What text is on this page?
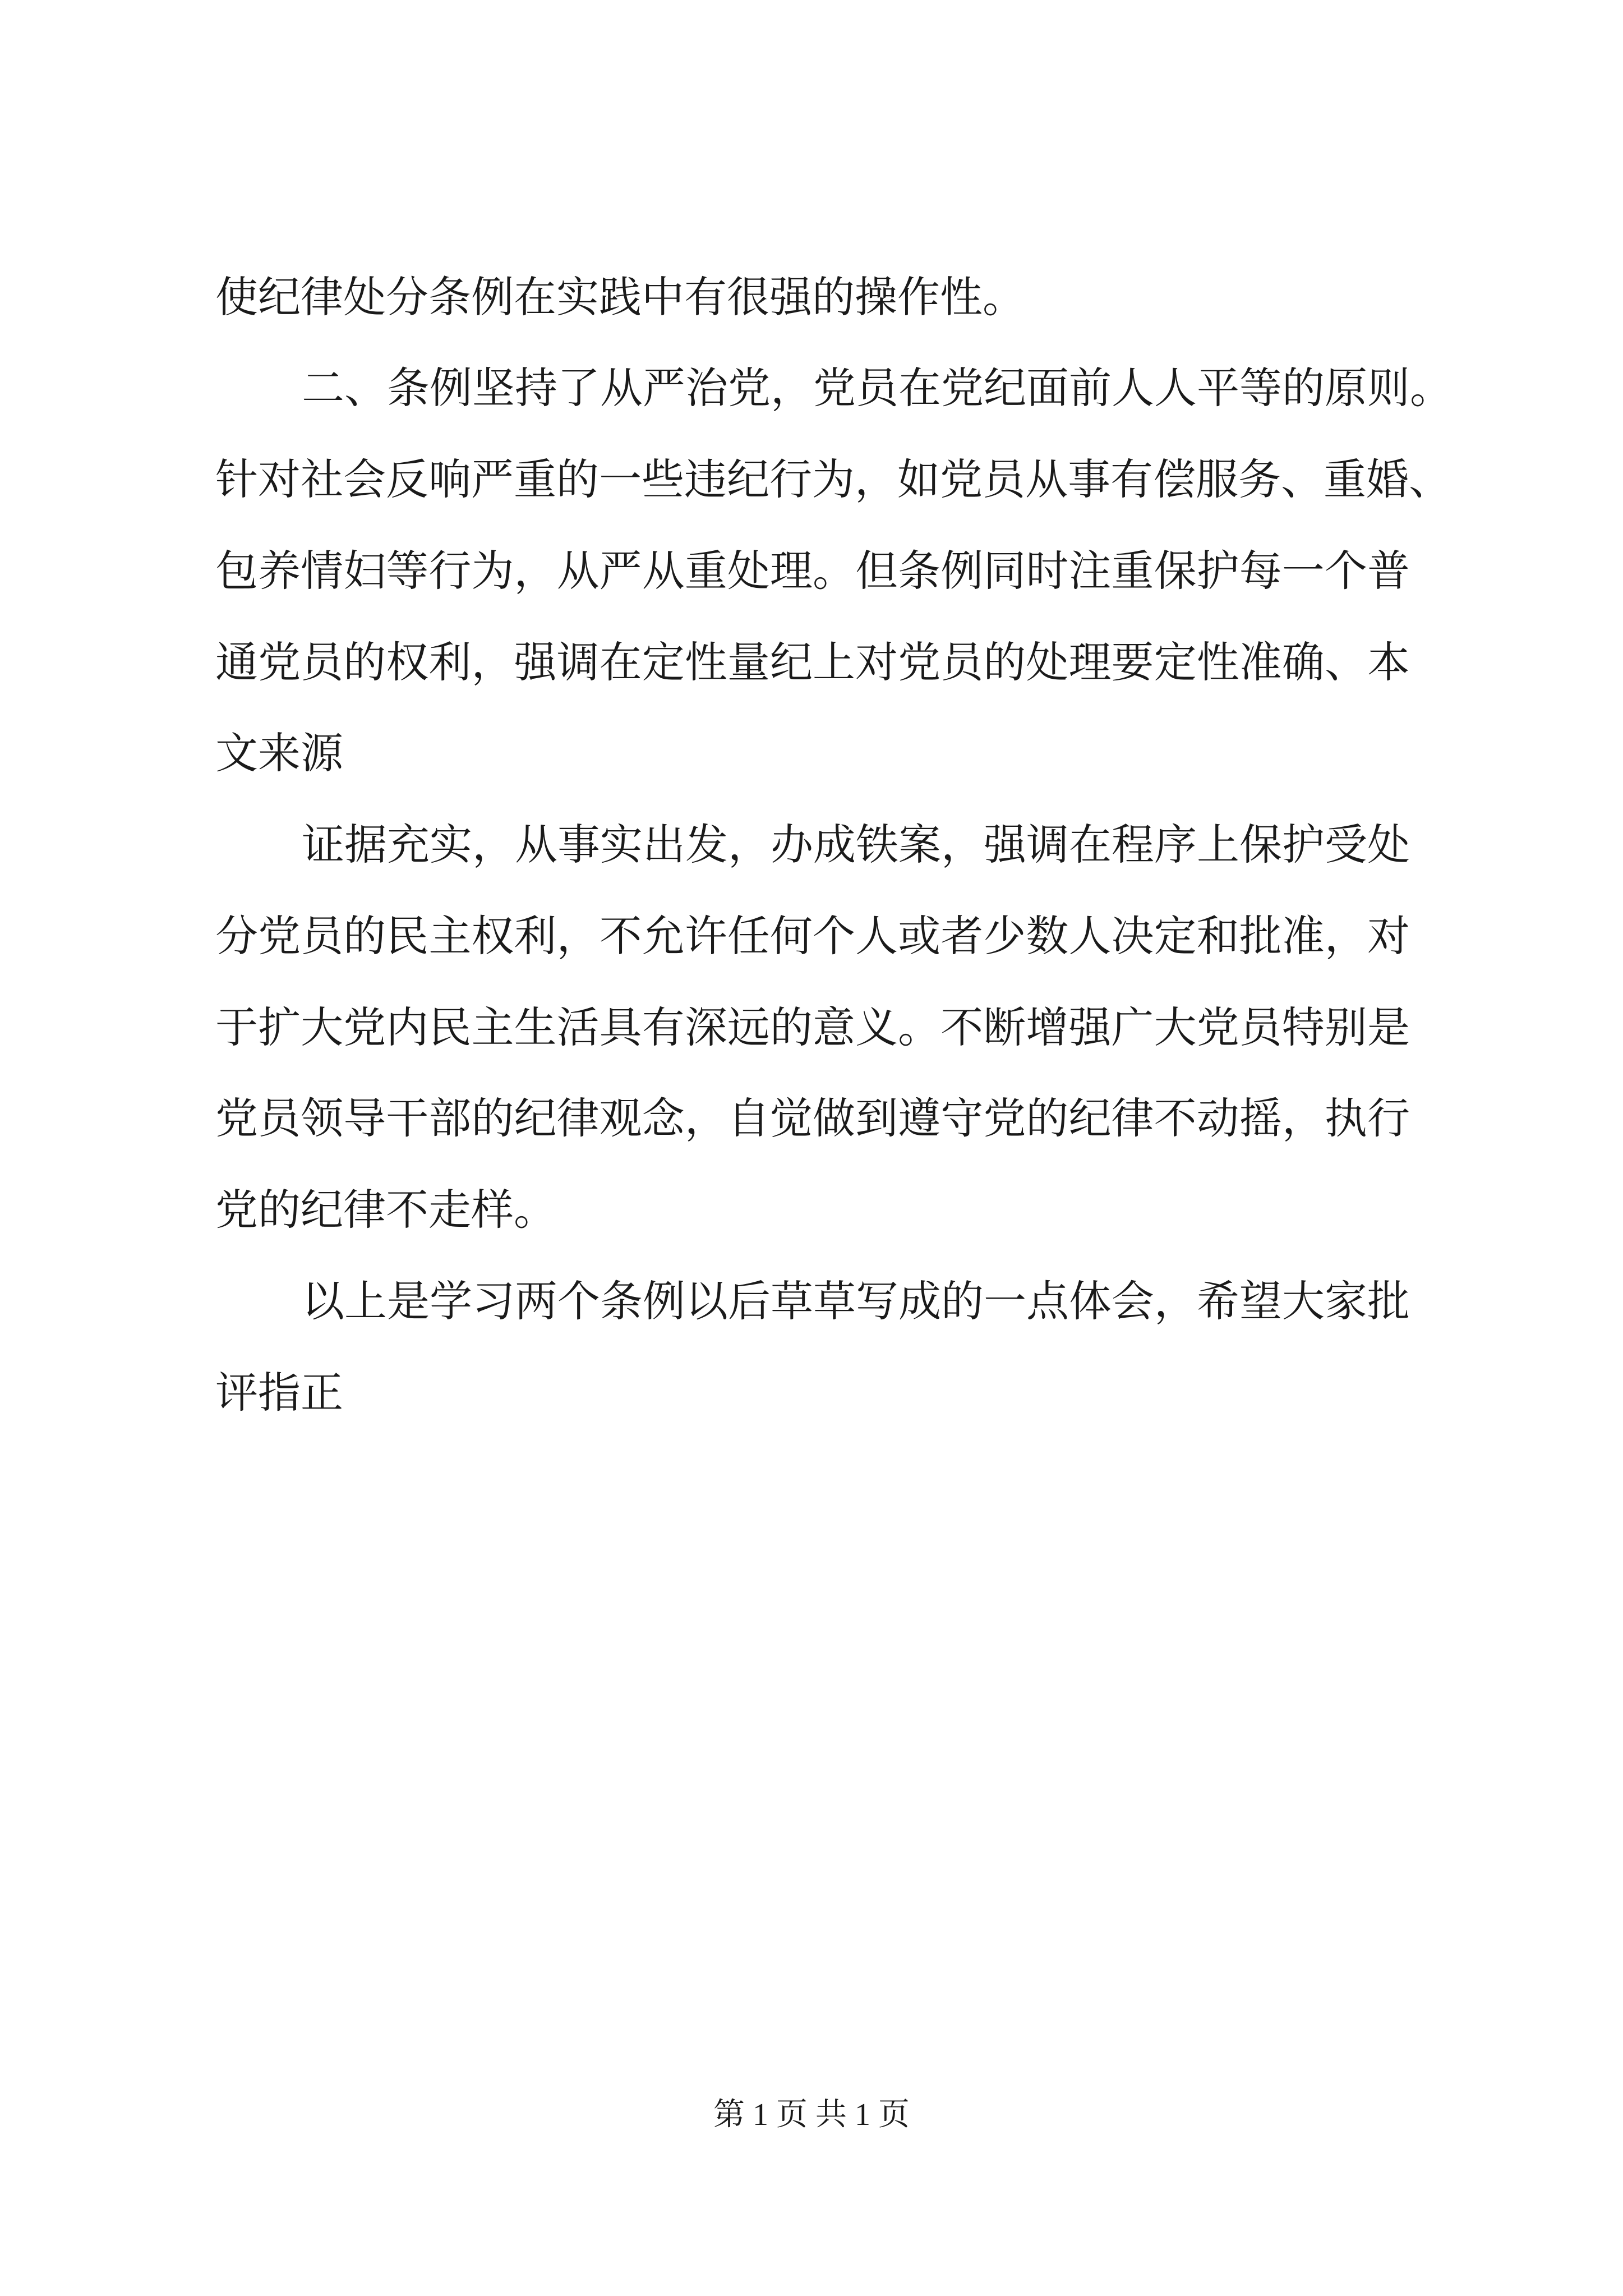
使纪律处分条例在实践中有很强的操作性。
二、条例坚持了从严治党，党员在党纪面前人人平等的原则。
针对社会反响严重的一些违纪行为，如党员从事有偿服务、重婚、
包养情妇等行为，从严从重处理。但条例同时注重保护每一个普
通党员的权利，强调在定性量纪上对党员的处理要定性准确、本
文来源
证据充实，从事实出发，办成铁案，强调在程序上保护受处
分党员的民主权利，不允许任何个人或者少数人决定和批准，对
于扩大党内民主生活具有深远的意义。不断增强广大党员特别是
党员领导干部的纪律观念，自觉做到遵守党的纪律不动摇，执行
党的纪律不走样。
以上是学习两个条例以后草草写成的一点体会，希望大家批
评指正
第 1 页 共 1 页
